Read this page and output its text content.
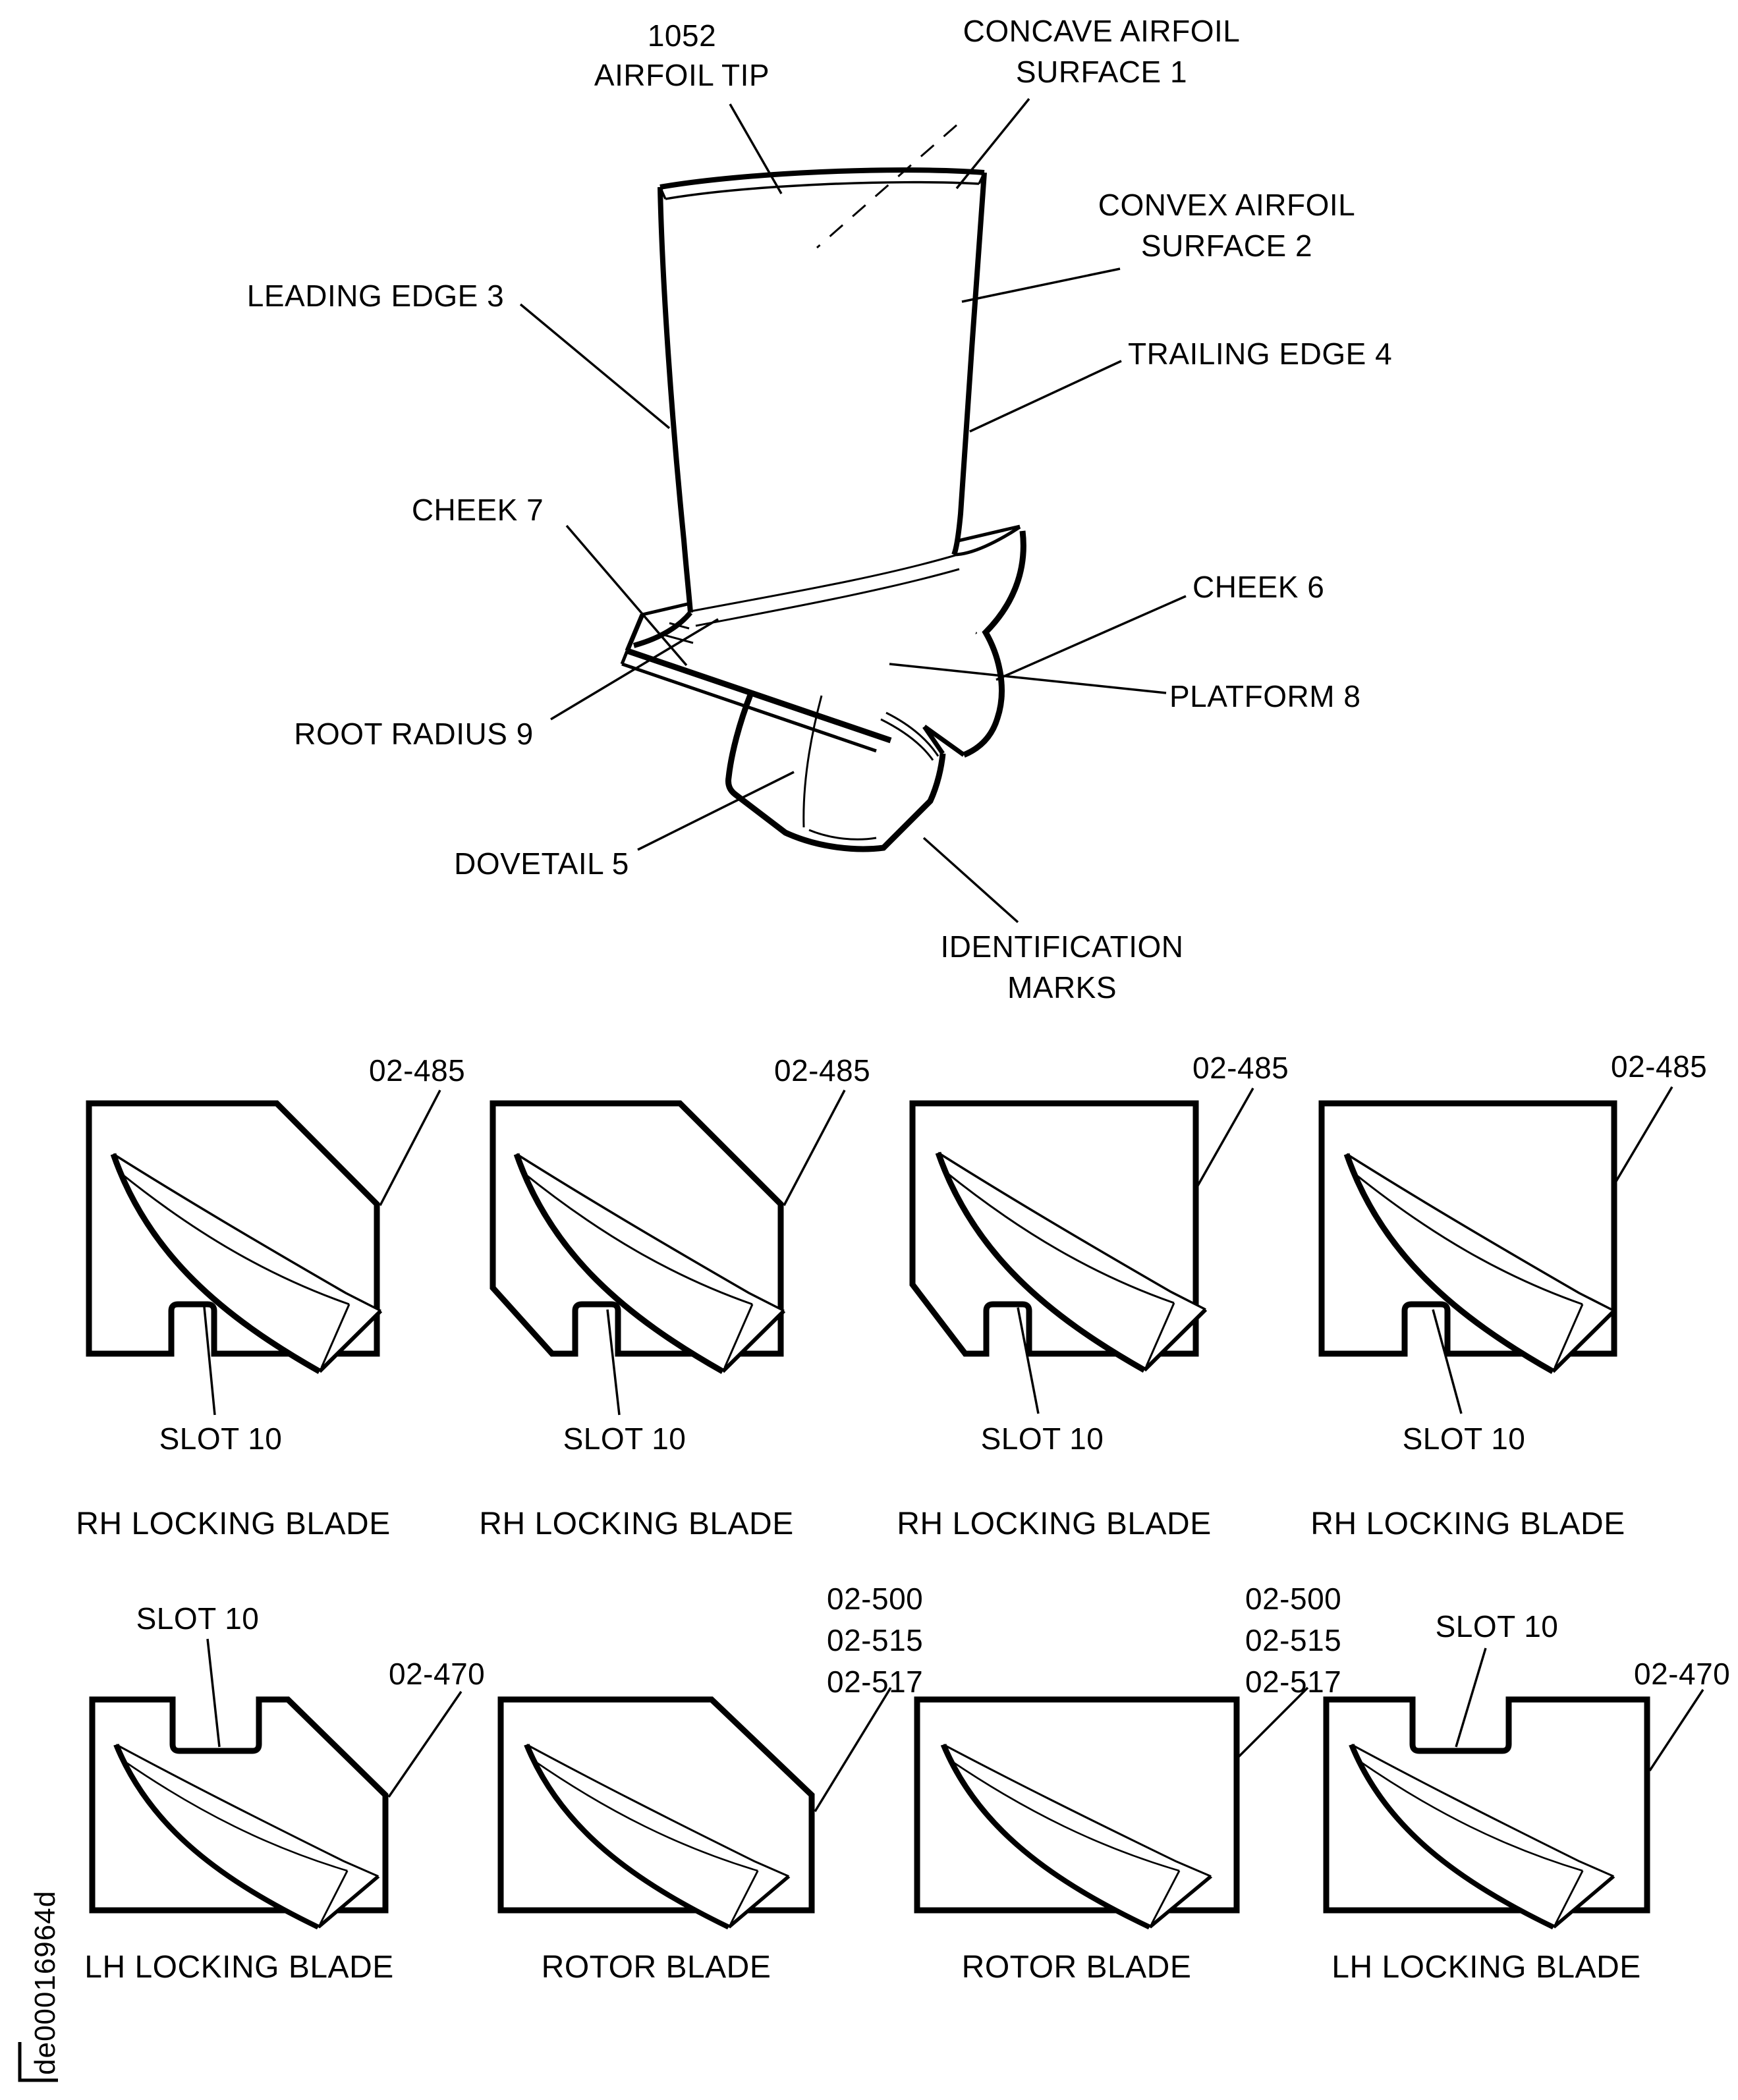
1052
AIRFOIL TIP
CONCAVE AIRFOIL
SURFACE 1
CONVEX AIRFOIL
SURFACE 2
LEADING EDGE 3
TRAILING EDGE 4
CHEEK 7
CHEEK 6
ROOT RADIUS 9
PLATFORM 8
DOVETAIL 5
IDENTIFICATION
MARKS
02-485	02-485	02-485	02-485
SLOT 10	SLOT 10	SLOT 10	SLOT 10
RH LOCKING BLADE	RH LOCKING BLADE	RH LOCKING BLADE	RH LOCKING BLADE
SLOT 10
02-470
02-500
02-515
02-517
02-500
02-515
02-517
SLOT 10
02-470
LH LOCKING BLADE	ROTOR BLADE	ROTOR BLADE	LH LOCKING BLADE
de00016964d
